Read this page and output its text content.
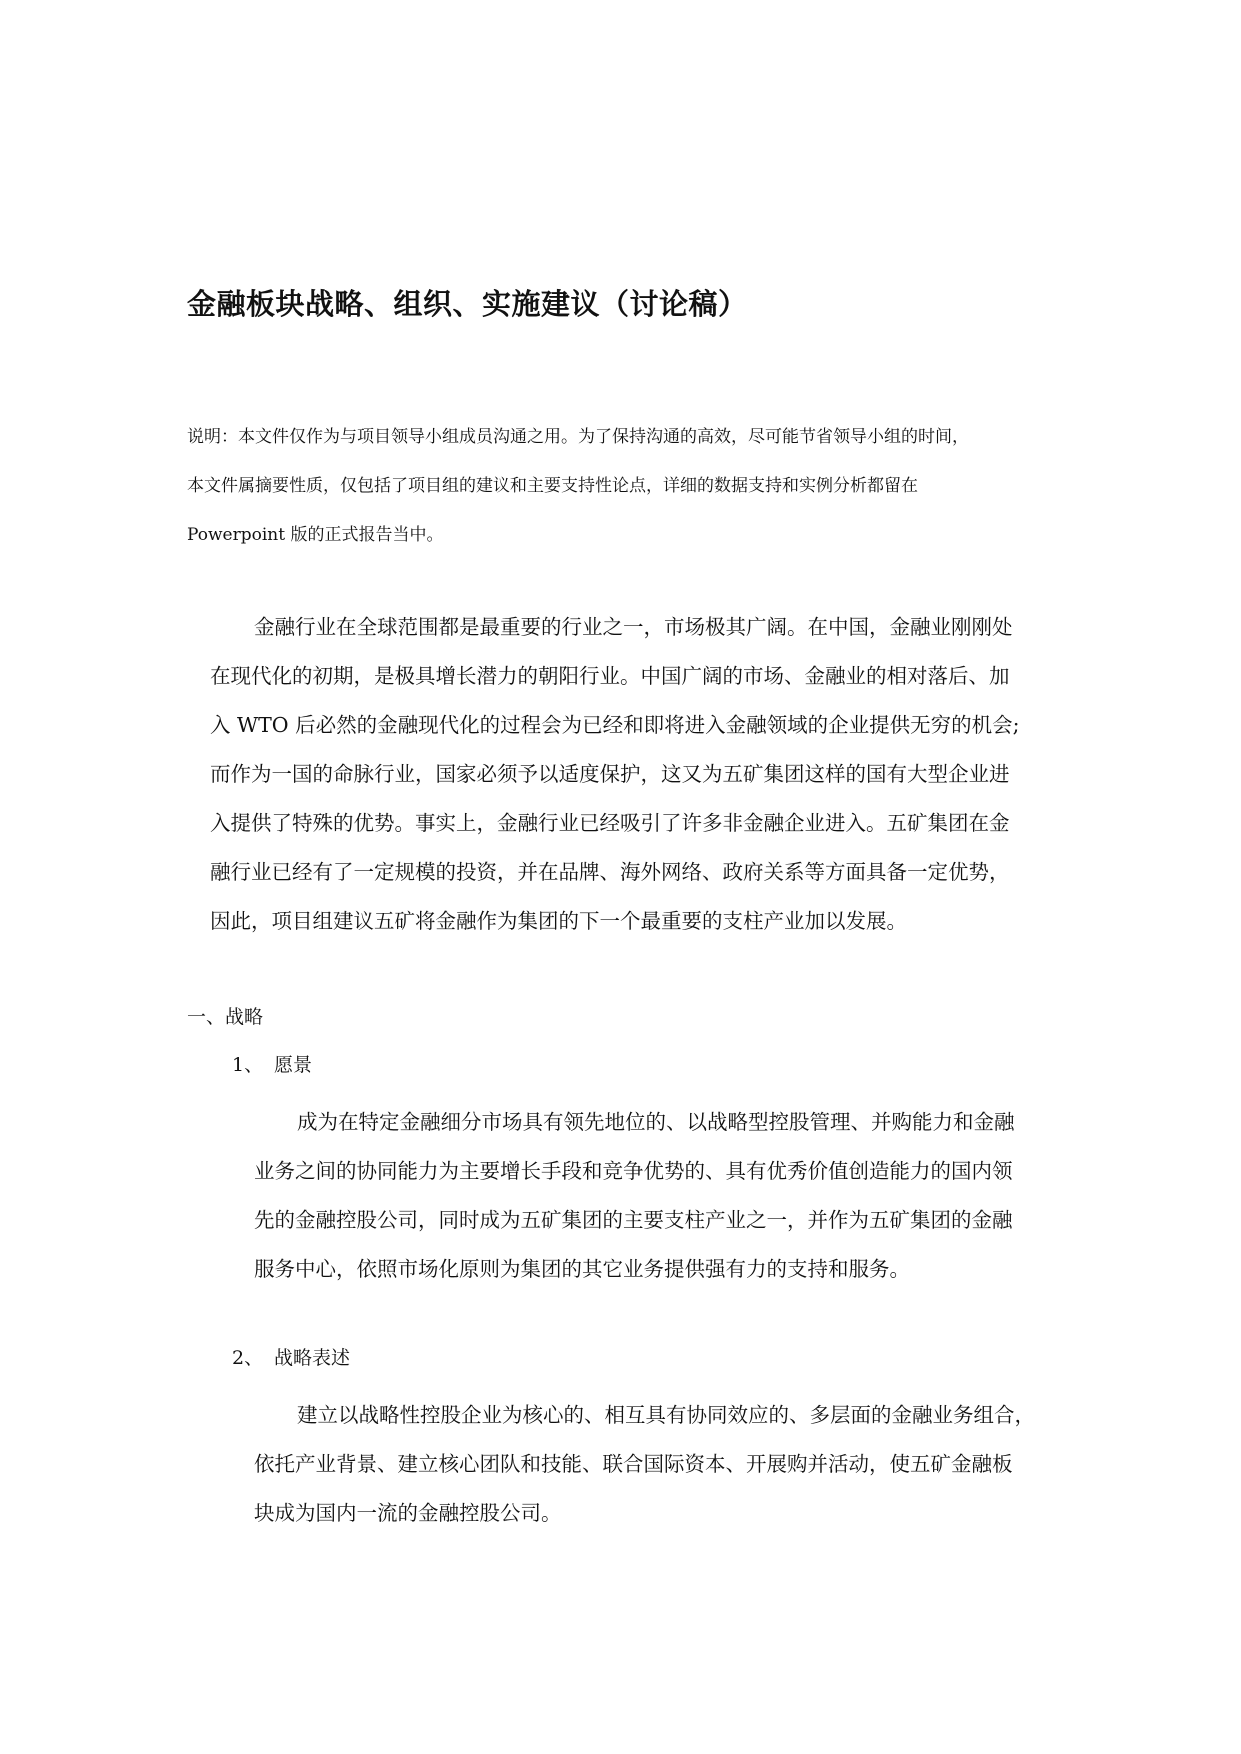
金融板块战略、组织、实施建议（讨论稿）
说明：本文件仅作为与项目领导小组成员沟通之用。为了保持沟通的高效，尽可能节省领导小组的时间，
本文件属摘要性质，仅包括了项目组的建议和主要支持性论点，详细的数据支持和实例分析都留在
Powerpoint 版的正式报告当中。
金融行业在全球范围都是最重要的行业之一，市场极其广阔。在中国，金融业刚刚处
在现代化的初期，是极具增长潜力的朝阳行业。中国广阔的市场、金融业的相对落后、加
入 WTO 后必然的金融现代化的过程会为已经和即将进入金融领域的企业提供无穷的机会;
而作为一国的命脉行业，国家必须予以适度保护，这又为五矿集团这样的国有大型企业进
入提供了特殊的优势。事实上，金融行业已经吸引了许多非金融企业进入。五矿集团在金
融行业已经有了一定规模的投资，并在品牌、海外网络、政府关系等方面具备一定优势，
因此，项目组建议五矿将金融作为集团的下一个最重要的支柱产业加以发展。
一、战略
1、 愿景
成为在特定金融细分市场具有领先地位的、以战略型控股管理、并购能力和金融
业务之间的协同能力为主要增长手段和竞争优势的、具有优秀价值创造能力的国内领
先的金融控股公司，同时成为五矿集团的主要支柱产业之一，并作为五矿集团的金融
服务中心，依照市场化原则为集团的其它业务提供强有力的支持和服务。
2、 战略表述
建立以战略性控股企业为核心的、相互具有协同效应的、多层面的金融业务组合，
依托产业背景、建立核心团队和技能、联合国际资本、开展购并活动，使五矿金融板
块成为国内一流的金融控股公司。
